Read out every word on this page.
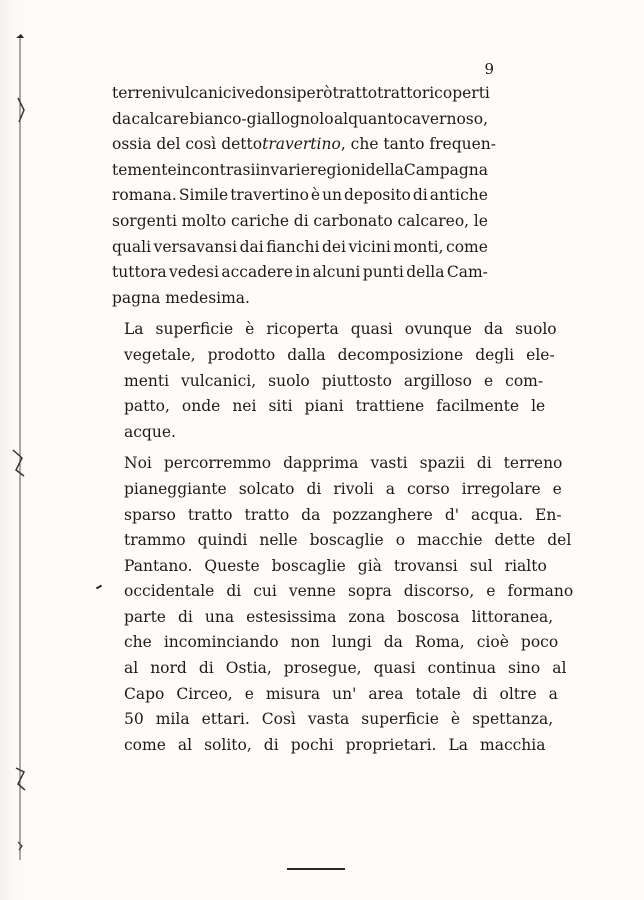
9

terreni vulcanici vedonsi però tratto tratto ricoperti
da calcare bianco-giallognolo alquanto cavernoso,
ossia del così detto travertino , che tanto frequen-
temente incontrasi in varie regioni della Campagna
romana. Simile travertino è un deposito di antiche
sorgenti molto cariche di carbonato calcareo, le
quali versavansi dai fianchi dei vicini monti, come
tuttora vedesi accadere in alcuni punti della Cam-
pagna medesima.

La superficie è ricoperta quasi ovunque da suolo
vegetale, prodotto dalla decomposizione degli ele-
menti vulcanici, suolo piuttosto argilloso e com-
patto, onde nei siti piani trattiene facilmente le
acque.

Noi percorremmo dapprima vasti spazii di terreno
pianeggiante solcato di rivoli a corso irregolare e
sparso tratto tratto da pozzanghere d' acqua. En-
trammo quindi nelle boscaglie o macchie dette del
Pantano. Queste boscaglie già trovansi sul rialto
occidentale di cui venne sopra discorso, e formano
parte di una estesissima zona boscosa littoranea,
che incominciando non lungi da Roma, cioè poco
al nord di Ostia, prosegue, quasi continua sino al
Capo Circeo, e misura un' area totale di oltre a
50 mila ettari. Così vasta superficie è spettanza,
come al solito, di pochi proprietari. La macchia
